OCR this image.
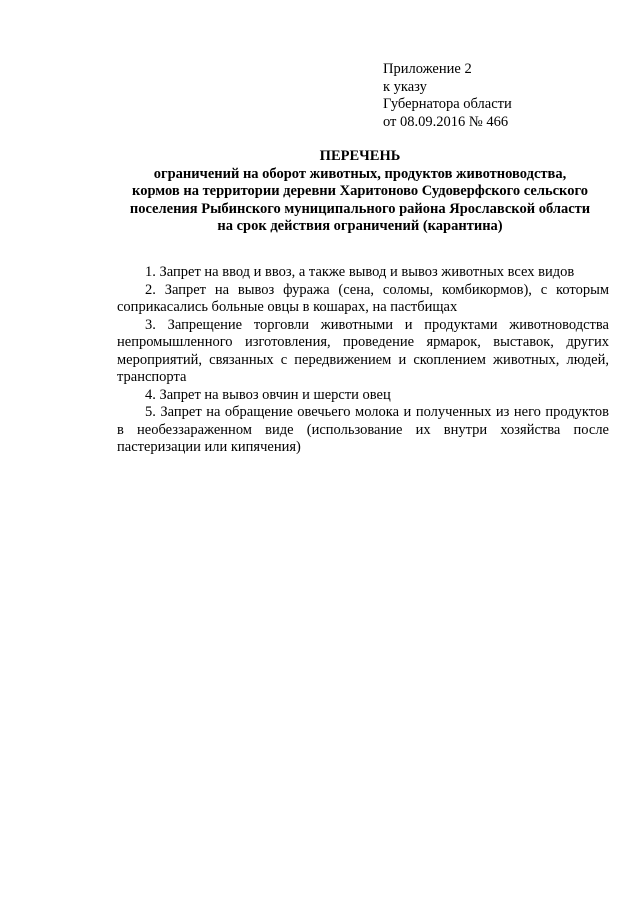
Приложение 2
к указу
Губернатора области
от 08.09.2016 № 466
ПЕРЕЧЕНЬ
ограничений на оборот животных, продуктов животноводства,
кормов на территории деревни Харитоново Судоверфского сельского
поселения Рыбинского муниципального района Ярославской области
на срок действия ограничений (карантина)

1. Запрет на ввод и ввоз, а также вывод и вывоз животных всех видов

2. Запрет на вывоз фуража (сена, соломы, комбикормов), с которым соприкасались больные овцы в кошарах, на пастбищах

3. Запрещение торговли животными и продуктами животноводства непромышленного изготовления, проведение ярмарок, выставок, других мероприятий, связанных с передвижением и скоплением животных, людей, транспорта

4. Запрет на вывоз овчин и шерсти овец

5. Запрет на обращение овечьего молока и полученных из него продуктов в необеззараженном виде (использование их внутри хозяйства после пастеризации или кипячения)
